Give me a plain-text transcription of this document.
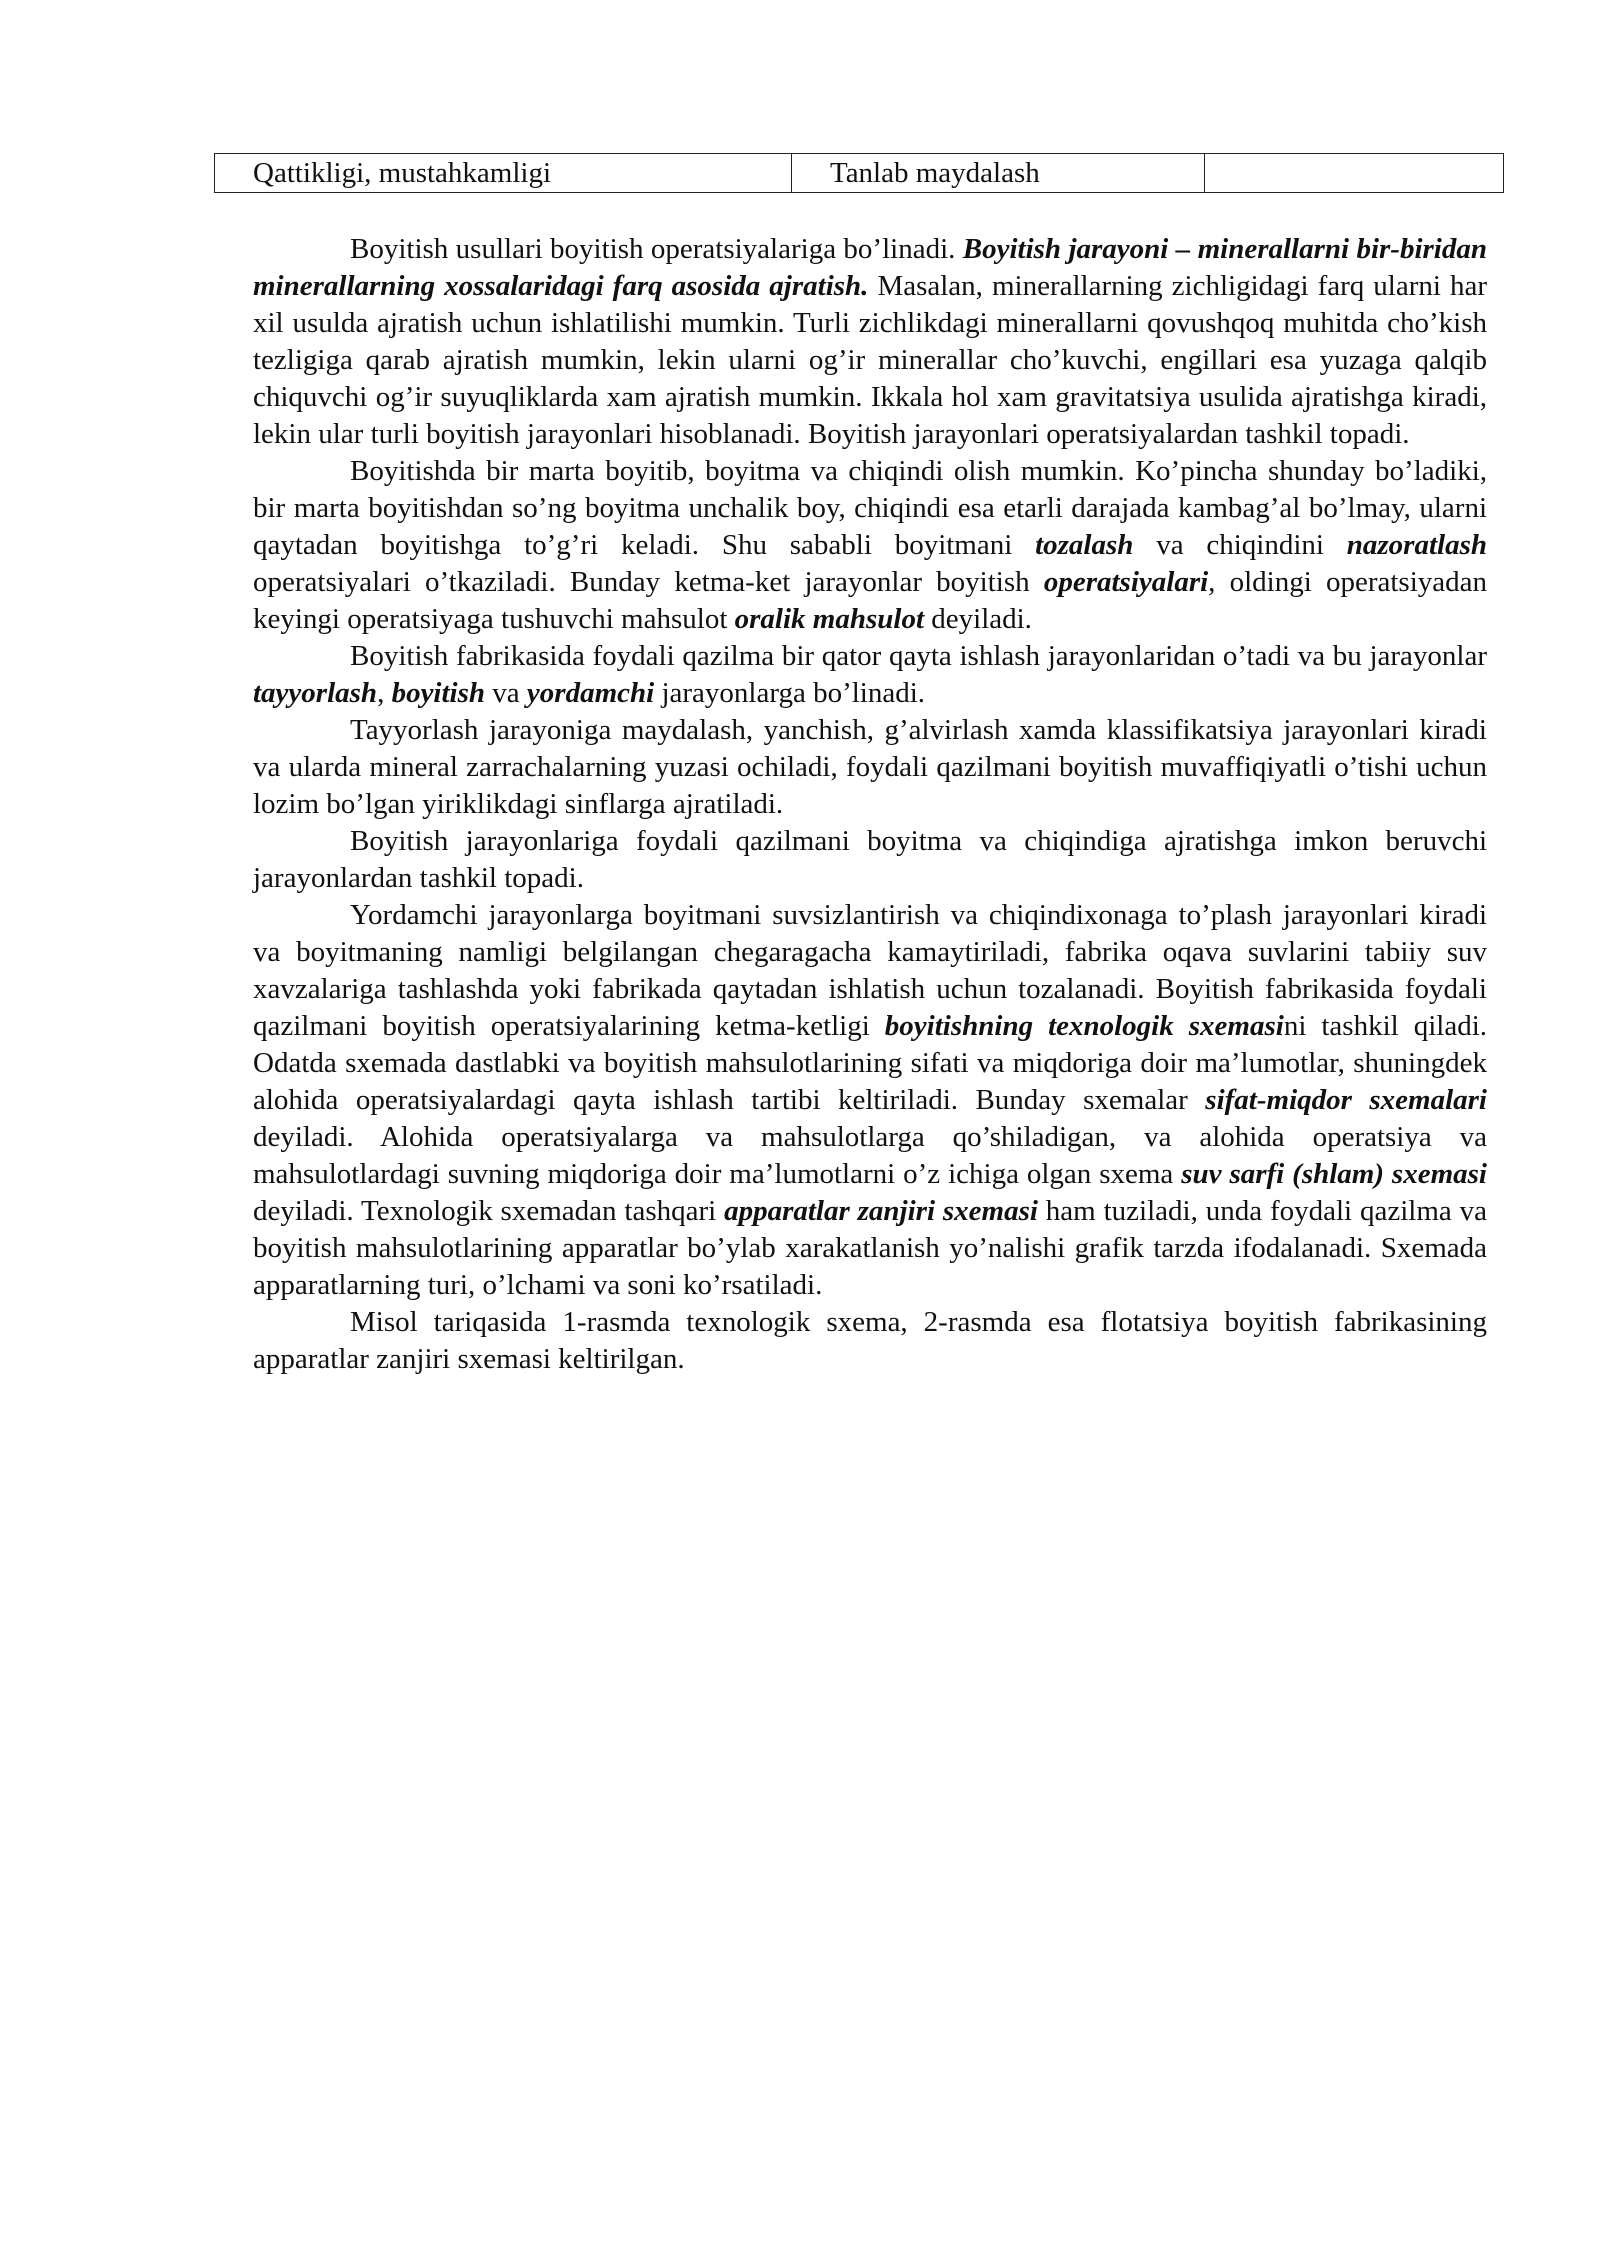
Qattikligi, mustahkamligi	Tanlab maydalash	

Boyitish usullari boyitish operatsiyalariga bo’linadi. Boyitish jarayoni – minerallarni bir-biridan minerallarning xossalaridagi farq asosida ajratish. Masalan, minerallarning zichligidagi farq ularni har xil usulda ajratish uchun ishlatilishi mumkin. Turli zichlikdagi minerallarni qovushqoq muhitda cho’kish tezligiga qarab ajratish mumkin, lekin ularni og’ir minerallar cho’kuvchi, engillari esa yuzaga qalqib chiquvchi og’ir suyuqliklarda xam ajratish mumkin. Ikkala hol xam gravitatsiya usulida ajratishga kiradi, lekin ular turli boyitish jarayonlari hisoblanadi. Boyitish jarayonlari operatsiyalardan tashkil topadi.

Boyitishda bir marta boyitib, boyitma va chiqindi olish mumkin. Ko’pincha shunday bo’ladiki, bir marta boyitishdan so’ng boyitma unchalik boy, chiqindi esa etarli darajada kambag’al bo’lmay, ularni qaytadan boyitishga to’g’ri keladi. Shu sababli boyitmani tozalash va chiqindini nazoratlash operatsiyalari o’tkaziladi. Bunday ketma-ket jarayonlar boyitish operatsiyalari, oldingi operatsiyadan keyingi operatsiyaga tushuvchi mahsulot oralik mahsulot deyiladi.

Boyitish fabrikasida foydali qazilma bir qator qayta ishlash jarayonlaridan o’tadi va bu jarayonlar tayyorlash, boyitish va yordamchi jarayonlarga bo’linadi.

Tayyorlash jarayoniga maydalash, yanchish, g’alvirlash xamda klassifikatsiya jarayonlari kiradi va ularda mineral zarrachalarning yuzasi ochiladi, foydali qazilmani boyitish muvaffiqiyatli o’tishi uchun lozim bo’lgan yiriklikdagi sinflarga ajratiladi.

Boyitish jarayonlariga foydali qazilmani boyitma va chiqindiga ajratishga imkon beruvchi jarayonlardan tashkil topadi.

Yordamchi jarayonlarga boyitmani suvsizlantirish va chiqindixonaga to’plash jarayonlari kiradi va boyitmaning namligi belgilangan chegaragacha kamaytiriladi, fabrika oqava suvlarini tabiiy suv xavzalariga tashlashda yoki fabrikada qaytadan ishlatish uchun tozalanadi. Boyitish fabrikasida foydali qazilmani boyitish operatsiyalarining ketma-ketligi boyitishning texnologik sxemasini tashkil qiladi. Odatda sxemada dastlabki va boyitish mahsulotlarining sifati va miqdoriga doir ma’lumotlar, shuningdek alohida operatsiyalardagi qayta ishlash tartibi keltiriladi. Bunday sxemalar sifat-miqdor sxemalari deyiladi. Alohida operatsiyalarga va mahsulotlarga qo’shiladigan, va alohida operatsiya va mahsulotlardagi suvning miqdoriga doir ma’lumotlarni o’z ichiga olgan sxema suv sarfi (shlam) sxemasi deyiladi. Texnologik sxemadan tashqari apparatlar zanjiri sxemasi ham tuziladi, unda foydali qazilma va boyitish mahsulotlarining apparatlar bo’ylab xarakatlanish yo’nalishi grafik tarzda ifodalanadi. Sxemada apparatlarning turi, o’lchami va soni ko’rsatiladi.

Misol tariqasida 1-rasmda texnologik sxema, 2-rasmda esa flotatsiya boyitish fabrikasining apparatlar zanjiri sxemasi keltirilgan.
